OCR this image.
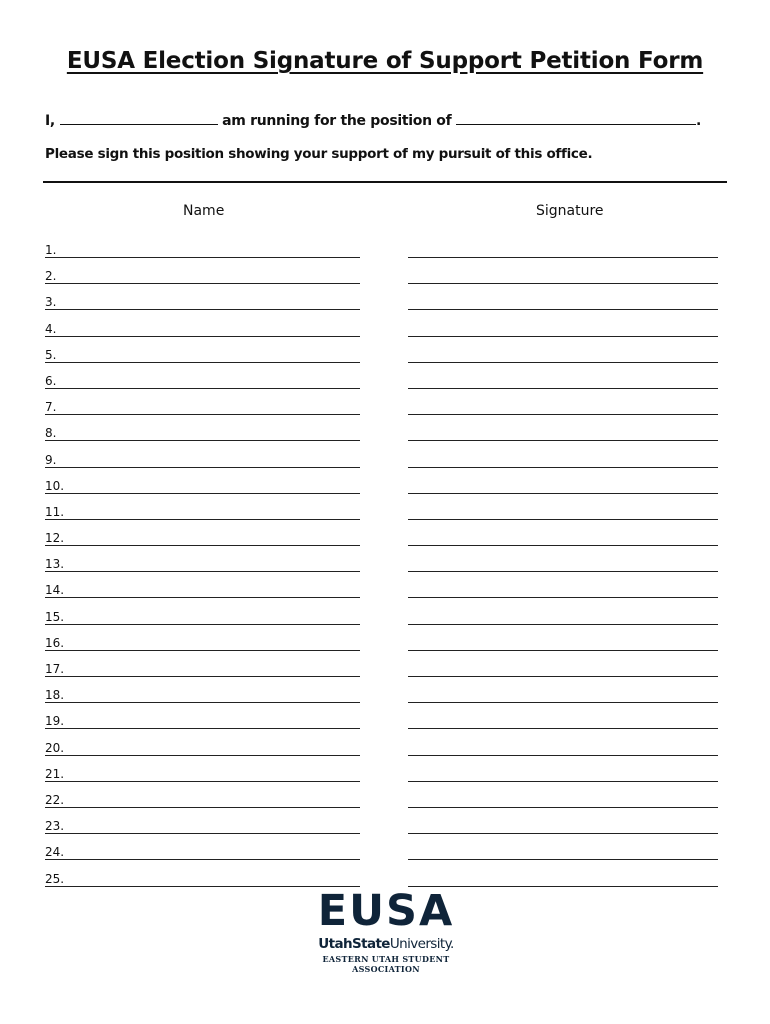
EUSA Election Signature of Support Petition Form
I,	am running for the position of	.
Please sign this position showing your support of my pursuit of this office.
Name	Signature
1.
2.
3.
4.
5.
6.
7.
8.
9.
10.
11.
12.
13.
14.
15.
16.
17.
18.
19.
20.
21.
22.
23.
24.
25.
EUSA
UtahStateUniversity.
EASTERN UTAH STUDENT ASSOCIATION
